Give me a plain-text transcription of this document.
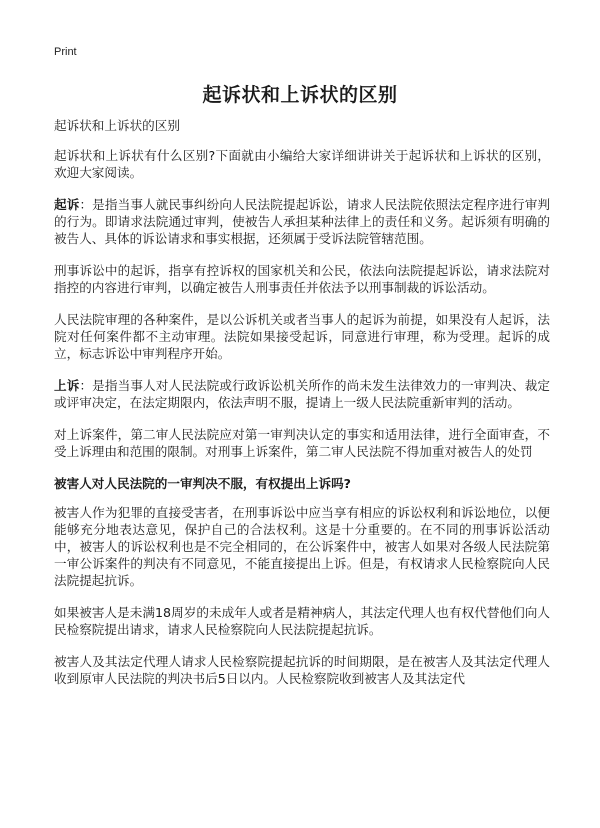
Print
起诉状和上诉状的区别

起诉状和上诉状的区别

起诉状和上诉状有什么区别?下面就由小编给大家详细讲讲关于起诉状和上诉状的区别，欢迎大家阅读。

起诉：是指当事人就民事纠纷向人民法院提起诉讼，请求人民法院依照法定程序进行审判的行为。即请求法院通过审判，使被告人承担某种法律上的责任和义务。起诉须有明确的被告人、具体的诉讼请求和事实根据，还须属于受诉法院管辖范围。

刑事诉讼中的起诉，指享有控诉权的国家机关和公民，依法向法院提起诉讼，请求法院对指控的内容进行审判，以确定被告人刑事责任并依法予以刑事制裁的诉讼活动。

人民法院审理的各种案件，是以公诉机关或者当事人的起诉为前提，如果没有人起诉，法院对任何案件都不主动审理。法院如果接受起诉，同意进行审理，称为受理。起诉的成立，标志诉讼中审判程序开始。

上诉：是指当事人对人民法院或行政诉讼机关所作的尚未发生法律效力的一审判决、裁定或评审决定，在法定期限内，依法声明不服，提请上一级人民法院重新审判的活动。

对上诉案件，第二审人民法院应对第一审判决认定的事实和适用法律，进行全面审查，不受上诉理由和范围的限制。对刑事上诉案件，第二审人民法院不得加重对被告人的处罚

被害人对人民法院的一审判决不服，有权提出上诉吗?

被害人作为犯罪的直接受害者，在刑事诉讼中应当享有相应的诉讼权利和诉讼地位，以便能够充分地表达意见，保护自己的合法权利。这是十分重要的。在不同的刑事诉讼活动中，被害人的诉讼权利也是不完全相同的，在公诉案件中，被害人如果对各级人民法院第一审公诉案件的判决有不同意见，不能直接提出上诉。但是，有权请求人民检察院向人民法院提起抗诉。

如果被害人是未满18周岁的未成年人或者是精神病人，其法定代理人也有权代替他们向人民检察院提出请求，请求人民检察院向人民法院提起抗诉。

被害人及其法定代理人请求人民检察院提起抗诉的时间期限，是在被害人及其法定代理人收到原审人民法院的判决书后5日以内。人民检察院收到被害人及其法定代
